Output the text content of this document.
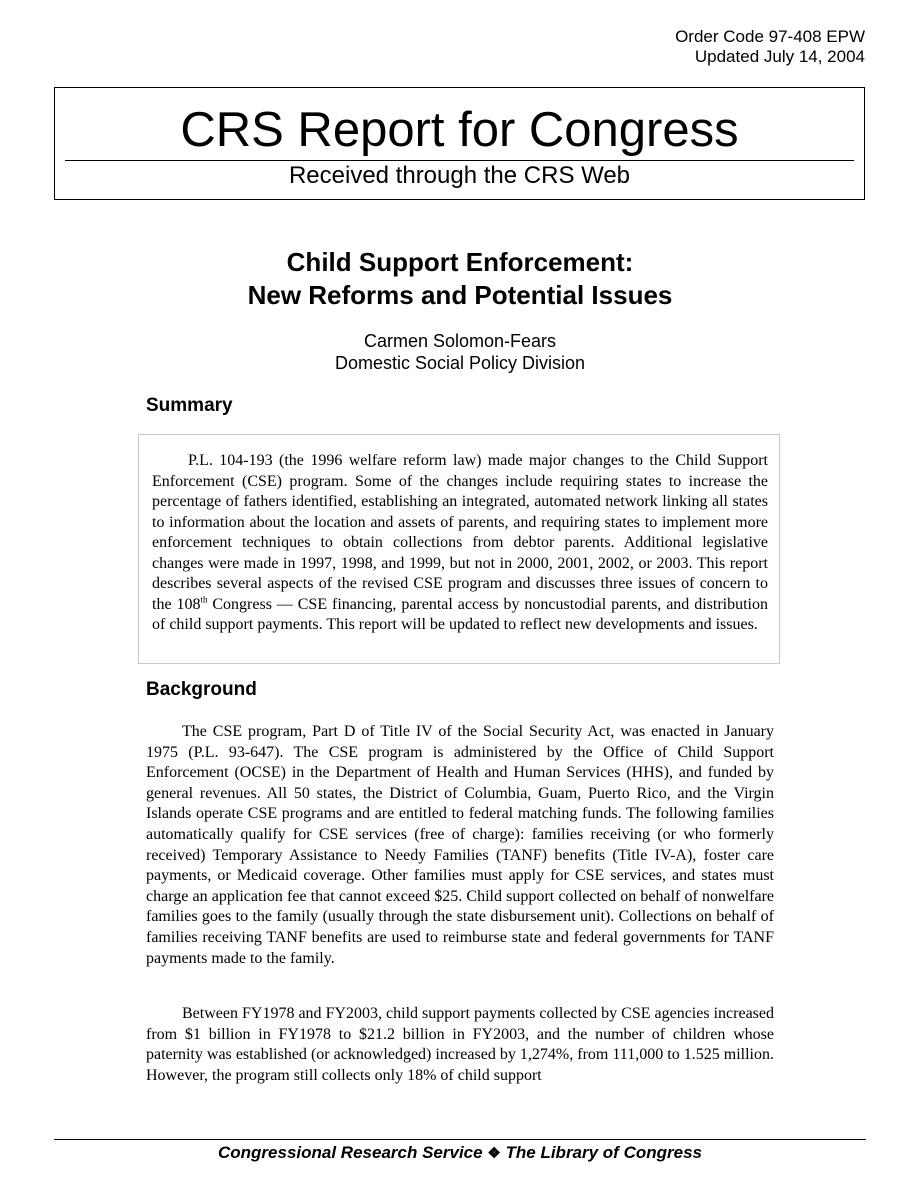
Order Code 97-408 EPW
Updated July 14, 2004
CRS Report for Congress
Received through the CRS Web
Child Support Enforcement:
New Reforms and Potential Issues
Carmen Solomon-Fears
Domestic Social Policy Division
Summary

P.L. 104-193 (the 1996 welfare reform law) made major changes to the Child Support Enforcement (CSE) program. Some of the changes include requiring states to increase the percentage of fathers identified, establishing an integrated, automated network linking all states to information about the location and assets of parents, and requiring states to implement more enforcement techniques to obtain collections from debtor parents. Additional legislative changes were made in 1997, 1998, and 1999, but not in 2000, 2001, 2002, or 2003. This report describes several aspects of the revised CSE program and discusses three issues of concern to the 108th Congress — CSE financing, parental access by noncustodial parents, and distribution of child support payments. This report will be updated to reflect new developments and issues.

Background

The CSE program, Part D of Title IV of the Social Security Act, was enacted in January 1975 (P.L. 93-647). The CSE program is administered by the Office of Child Support Enforcement (OCSE) in the Department of Health and Human Services (HHS), and funded by general revenues. All 50 states, the District of Columbia, Guam, Puerto Rico, and the Virgin Islands operate CSE programs and are entitled to federal matching funds. The following families automatically qualify for CSE services (free of charge): families receiving (or who formerly received) Temporary Assistance to Needy Families (TANF) benefits (Title IV-A), foster care payments, or Medicaid coverage. Other families must apply for CSE services, and states must charge an application fee that cannot exceed $25. Child support collected on behalf of nonwelfare families goes to the family (usually through the state disbursement unit). Collections on behalf of families receiving TANF benefits are used to reimburse state and federal governments for TANF payments made to the family.

Between FY1978 and FY2003, child support payments collected by CSE agencies increased from $1 billion in FY1978 to $21.2 billion in FY2003, and the number of children whose paternity was established (or acknowledged) increased by 1,274%, from 111,000 to 1.525 million. However, the program still collects only 18% of child support

Congressional Research Service ❖ The Library of Congress
